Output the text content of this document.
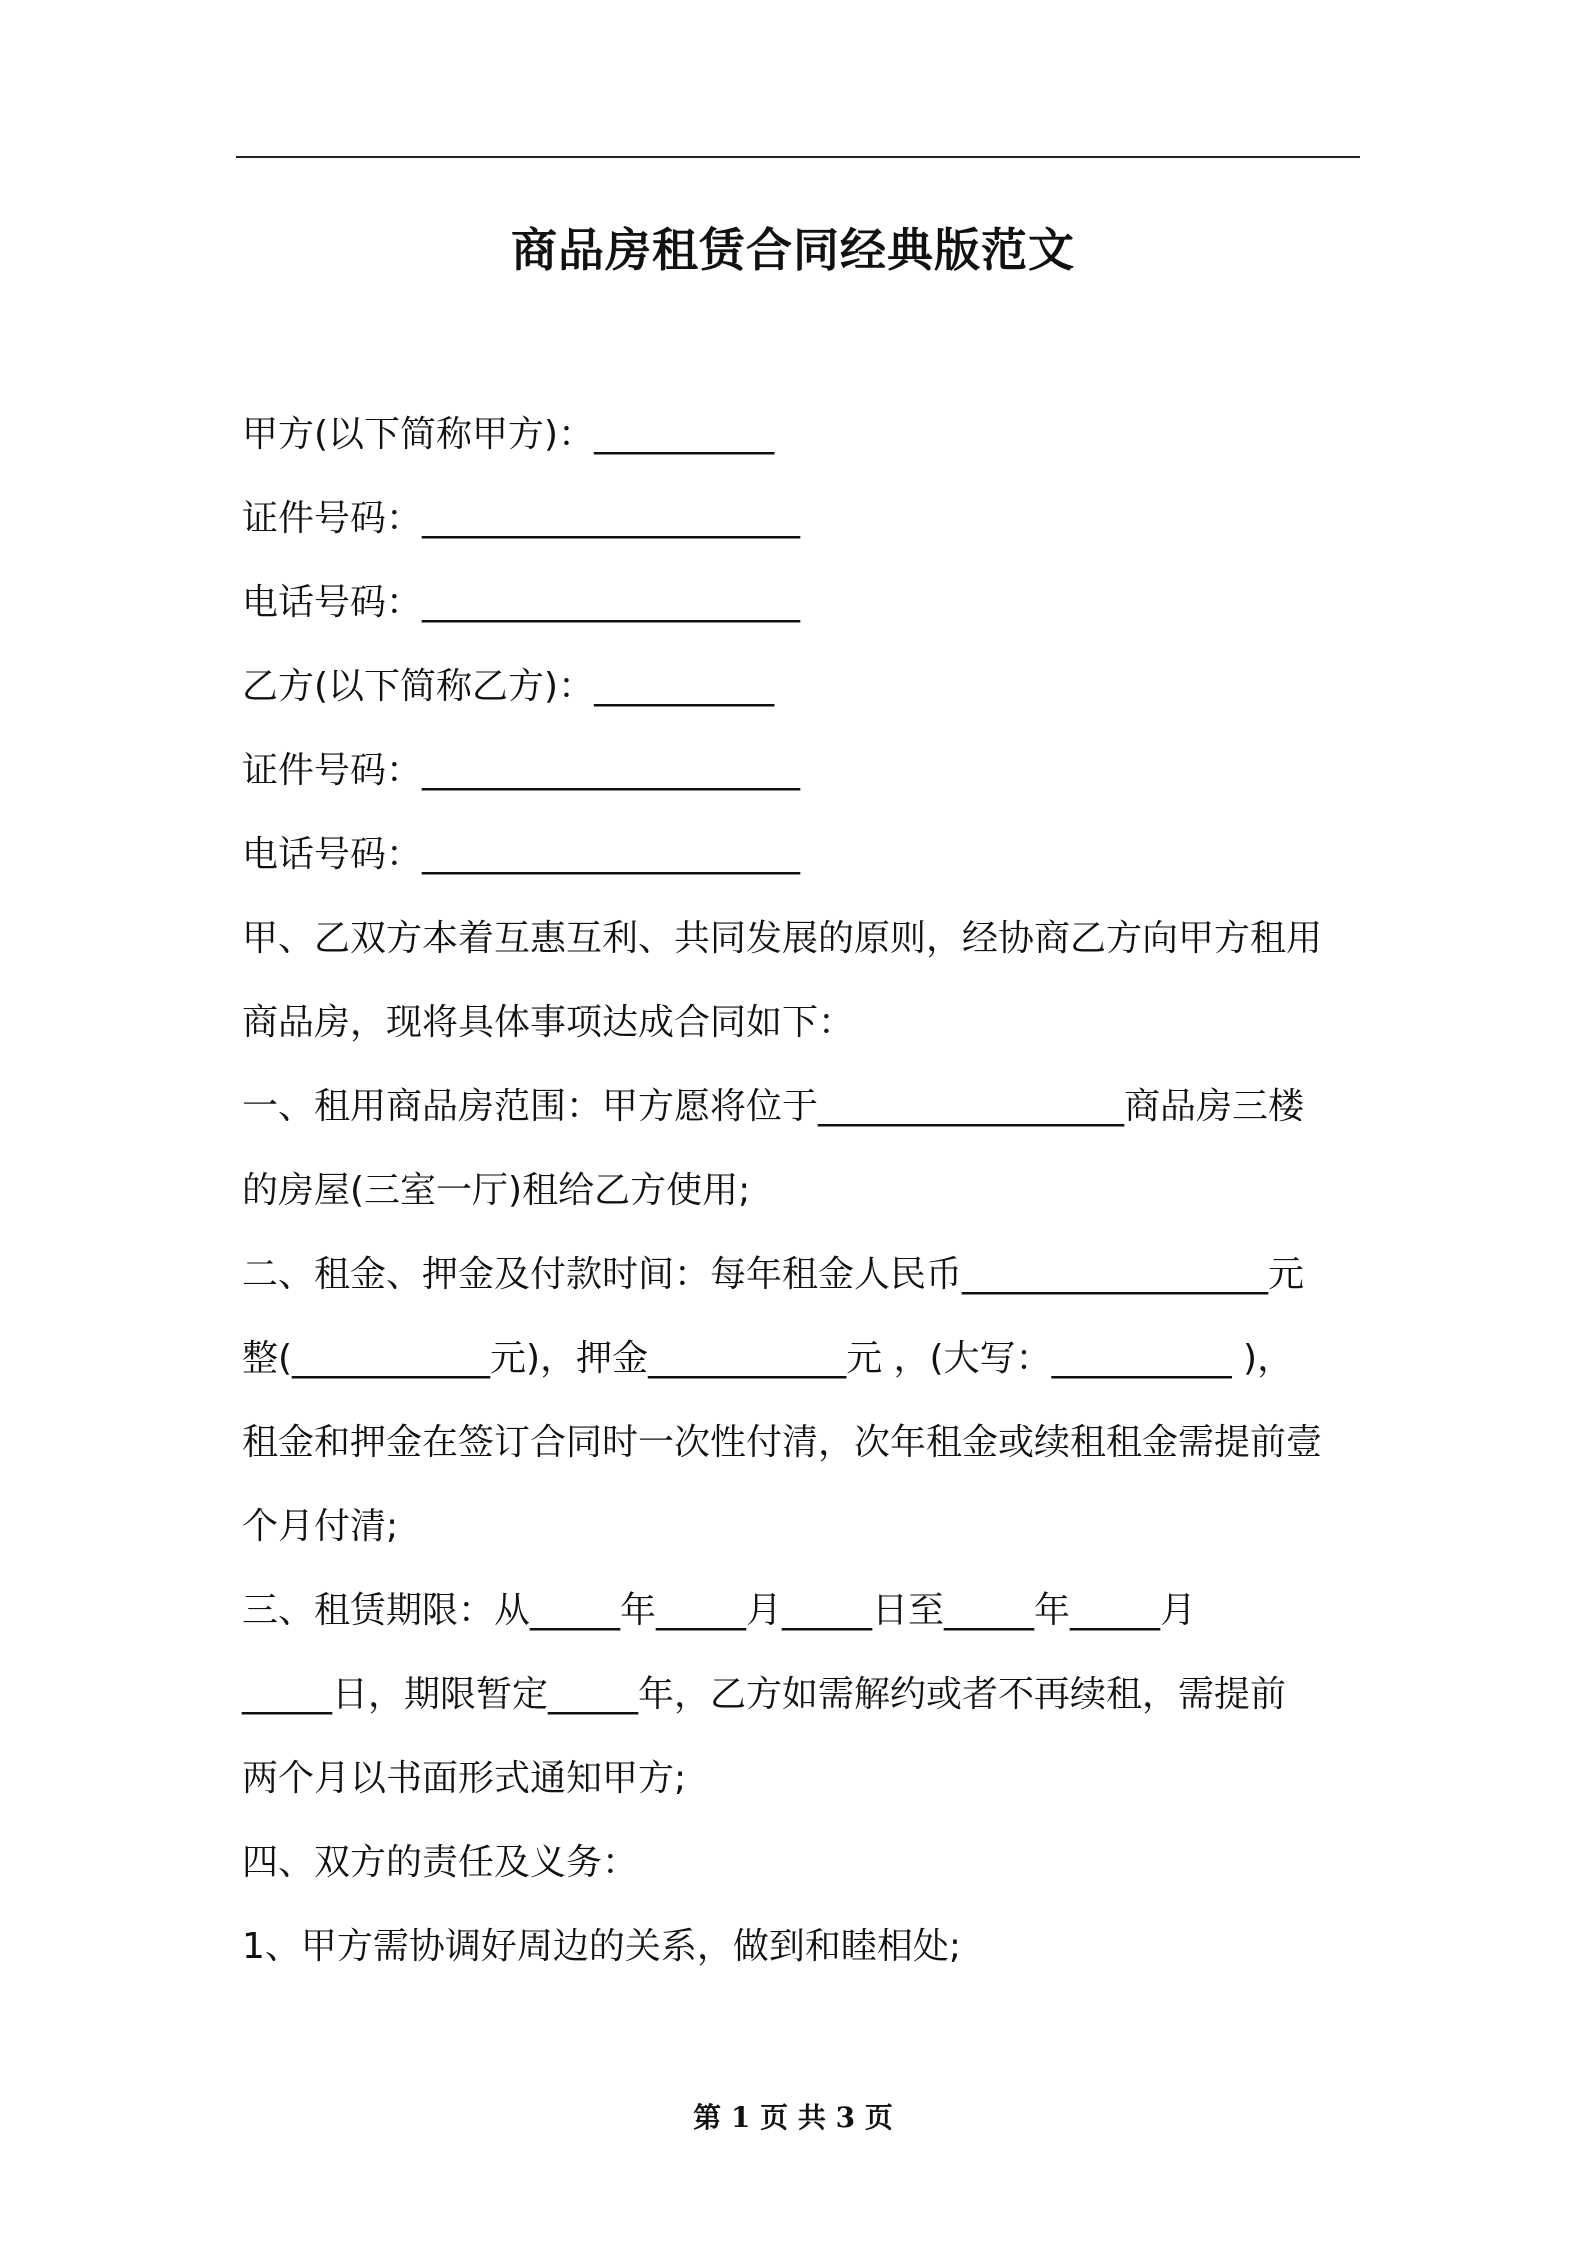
商品房租赁合同经典版范文
甲方(以下简称甲方)：__________
证件号码：_____________________
电话号码：_____________________
乙方(以下简称乙方)：__________
证件号码：_____________________
电话号码：_____________________
甲、乙双方本着互惠互利、共同发展的原则，经协商乙方向甲方租用
商品房，现将具体事项达成合同如下：
一、租用商品房范围：甲方愿将位于_________________商品房三楼
的房屋(三室一厅)租给乙方使用;
二、租金、押金及付款时间：每年租金人民币_________________元
整(___________元)，押金___________元 ，(大写：__________ )，
租金和押金在签订合同时一次性付清，次年租金或续租租金需提前壹
个月付清;
三、租赁期限：从_____年_____月_____日至_____年_____月
_____日，期限暂定_____年，乙方如需解约或者不再续租，需提前
两个月以书面形式通知甲方;
四、双方的责任及义务：
1、甲方需协调好周边的关系，做到和睦相处;
第 1 页 共 3 页
